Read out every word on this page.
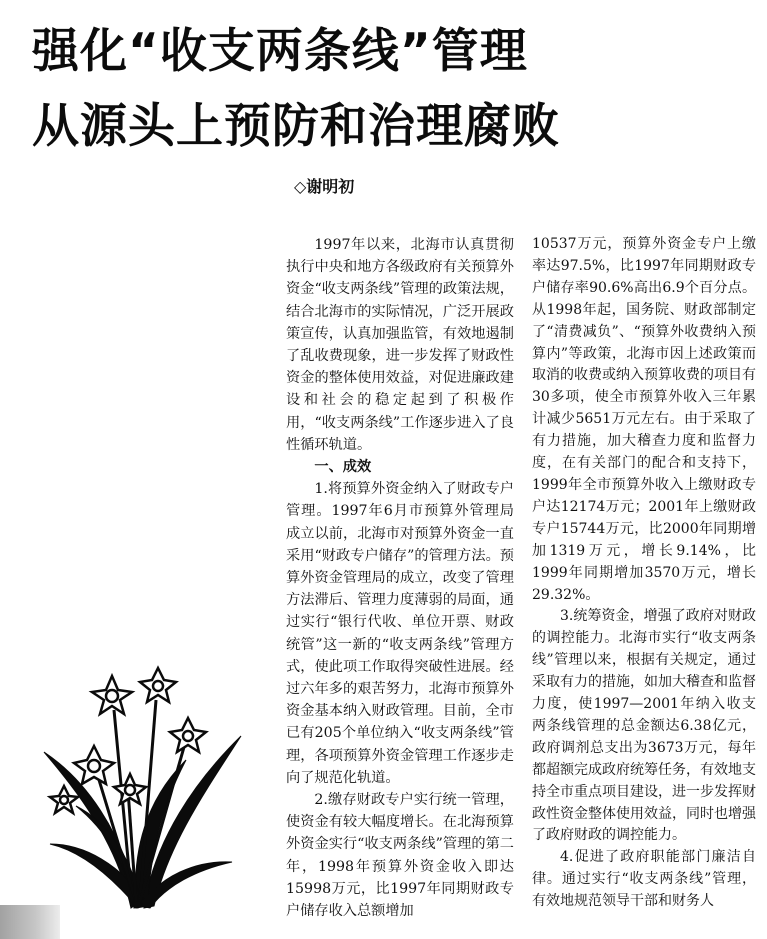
强化“收支两条线”管理
从源头上预防和治理腐败
◇谢明初

1997年以来，北海市认真贯彻执行中央和地方各级政府有关预算外资金“收支两条线”管理的政策法规，结合北海市的实际情况，广泛开展政策宣传，认真加强监管，有效地遏制了乱收费现象，进一步发挥了财政性资金的整体使用效益，对促进廉政建设和社会的稳定起到了积极作用，“收支两条线”工作逐步进入了良性循环轨道。

一、成效

1.将预算外资金纳入了财政专户管理。1997年6月市预算外管理局成立以前，北海市对预算外资金一直采用“财政专户储存”的管理方法。预算外资金管理局的成立，改变了管理方法滞后、管理力度薄弱的局面，通过实行“银行代收、单位开票、财政统管”这一新的“收支两条线”管理方式，使此项工作取得突破性进展。经过六年多的艰苦努力，北海市预算外资金基本纳入财政管理。目前，全市已有205个单位纳入“收支两条线”管理，各项预算外资金管理工作逐步走向了规范化轨道。

2.缴存财政专户实行统一管理，使资金有较大幅度增长。在北海预算外资金实行“收支两条线”管理的第二年，1998年预算外资金收入即达15998万元，比1997年同期财政专户储存收入总额增加

10537万元，预算外资金专户上缴率达97.5%，比1997年同期财政专户储存率90.6%高出6.9个百分点。从1998年起，国务院、财政部制定了“清费减负”、“预算外收费纳入预算内”等政策，北海市因上述政策而取消的收费或纳入预算收费的项目有30多项，使全市预算外收入三年累计减少5651万元左右。由于采取了有力措施，加大稽查力度和监督力度，在有关部门的配合和支持下，1999年全市预算外收入上缴财政专户达12174万元；2001年上缴财政专户15744万元，比2000年同期增加1319万元，增长9.14%，比1999年同期增加3570万元，增长29.32%。

3.统筹资金，增强了政府对财政的调控能力。北海市实行“收支两条线”管理以来，根据有关规定，通过采取有力的措施，如加大稽查和监督力度，使1997—2001年纳入收支两条线管理的总金额达6.38亿元，政府调剂总支出为3673万元，每年都超额完成政府统筹任务，有效地支持全市重点项目建设，进一步发挥财政性资金整体使用效益，同时也增强了政府财政的调控能力。

4.促进了政府职能部门廉洁自律。通过实行“收支两条线”管理，有效地规范领导干部和财务人
